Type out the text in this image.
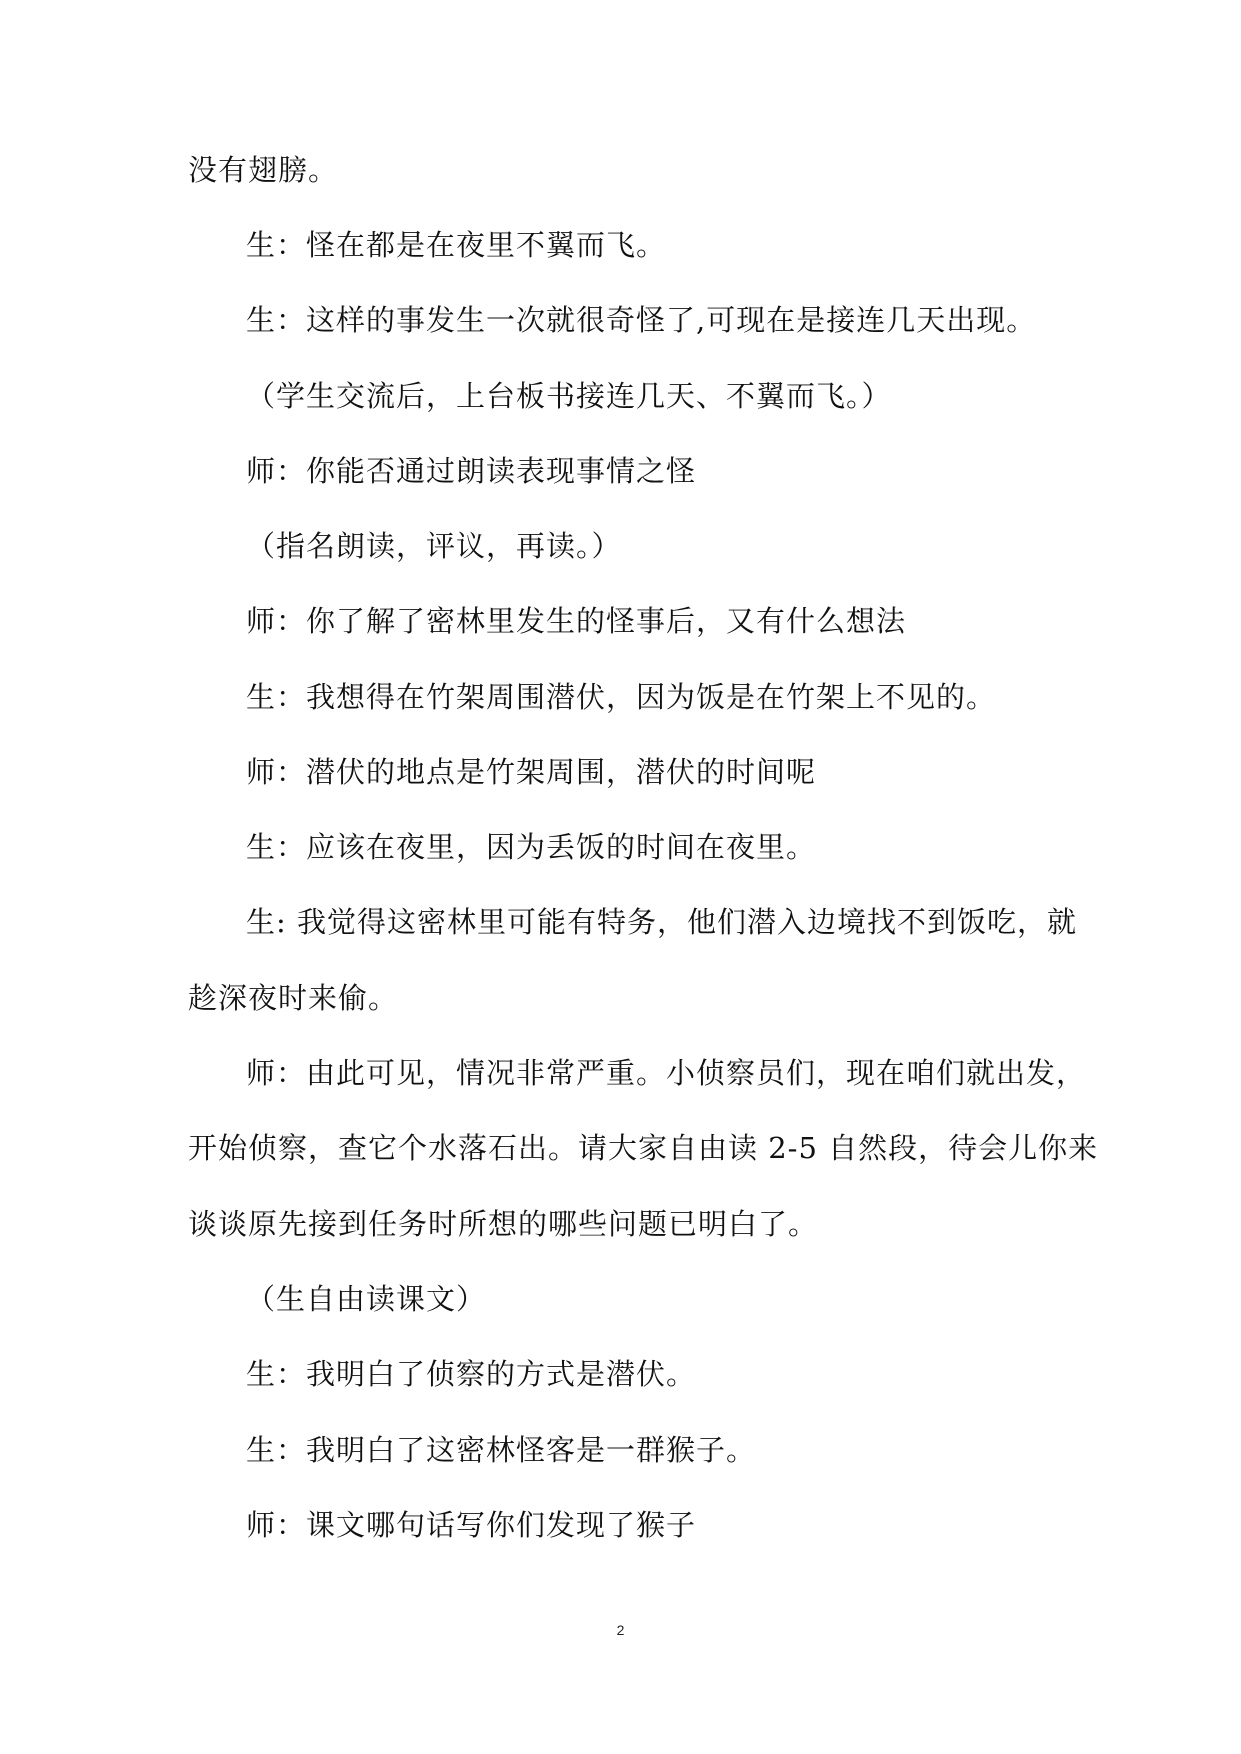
没有翅膀。
生：怪在都是在夜里不翼而飞。
生：这样的事发生一次就很奇怪了,可现在是接连几天出现。
（学生交流后，上台板书接连几天、不翼而飞。）
师：你能否通过朗读表现事情之怪
（指名朗读，评议，再读。）
师：你了解了密林里发生的怪事后，又有什么想法
生：我想得在竹架周围潜伏，因为饭是在竹架上不见的。
师：潜伏的地点是竹架周围，潜伏的时间呢
生：应该在夜里，因为丢饭的时间在夜里。
生: 我觉得这密林里可能有特务，他们潜入边境找不到饭吃，就
趁深夜时来偷。
师：由此可见，情况非常严重。小侦察员们，现在咱们就出发，
开始侦察，查它个水落石出。请大家自由读 2-5 自然段，待会儿你来
谈谈原先接到任务时所想的哪些问题已明白了。
（生自由读课文）
生：我明白了侦察的方式是潜伏。
生：我明白了这密林怪客是一群猴子。
师：课文哪句话写你们发现了猴子
2
